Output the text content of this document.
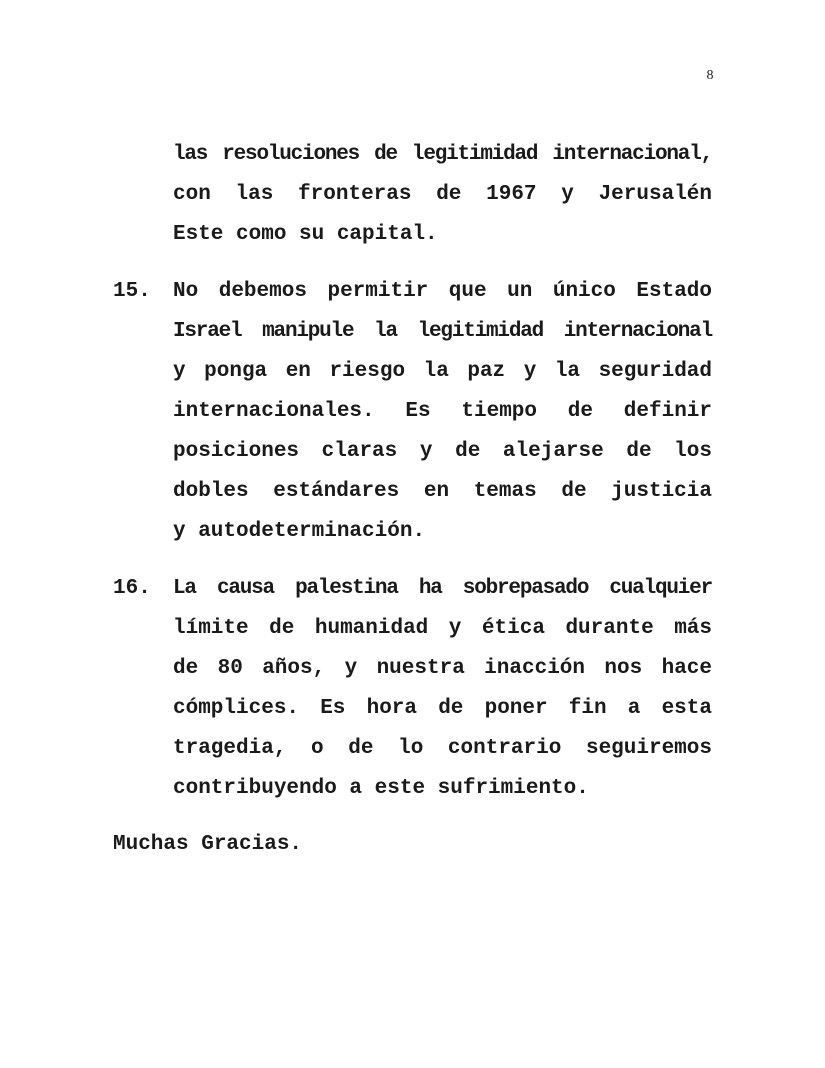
8
las resoluciones de legitimidad internacional,
con las fronteras de 1967 y Jerusalén
Este como su capital.
15. No debemos permitir que un único Estado
Israel manipule la legitimidad internacional
y ponga en riesgo la paz y la seguridad
internacionales. Es tiempo de definir
posiciones claras y de alejarse de los
dobles estándares en temas de justicia
y autodeterminación.
16. La causa palestina ha sobrepasado cualquier
límite de humanidad y ética durante más
de 80 años, y nuestra inacción nos hace
cómplices. Es hora de poner fin a esta
tragedia, o de lo contrario seguiremos
contribuyendo a este sufrimiento.
Muchas Gracias.
